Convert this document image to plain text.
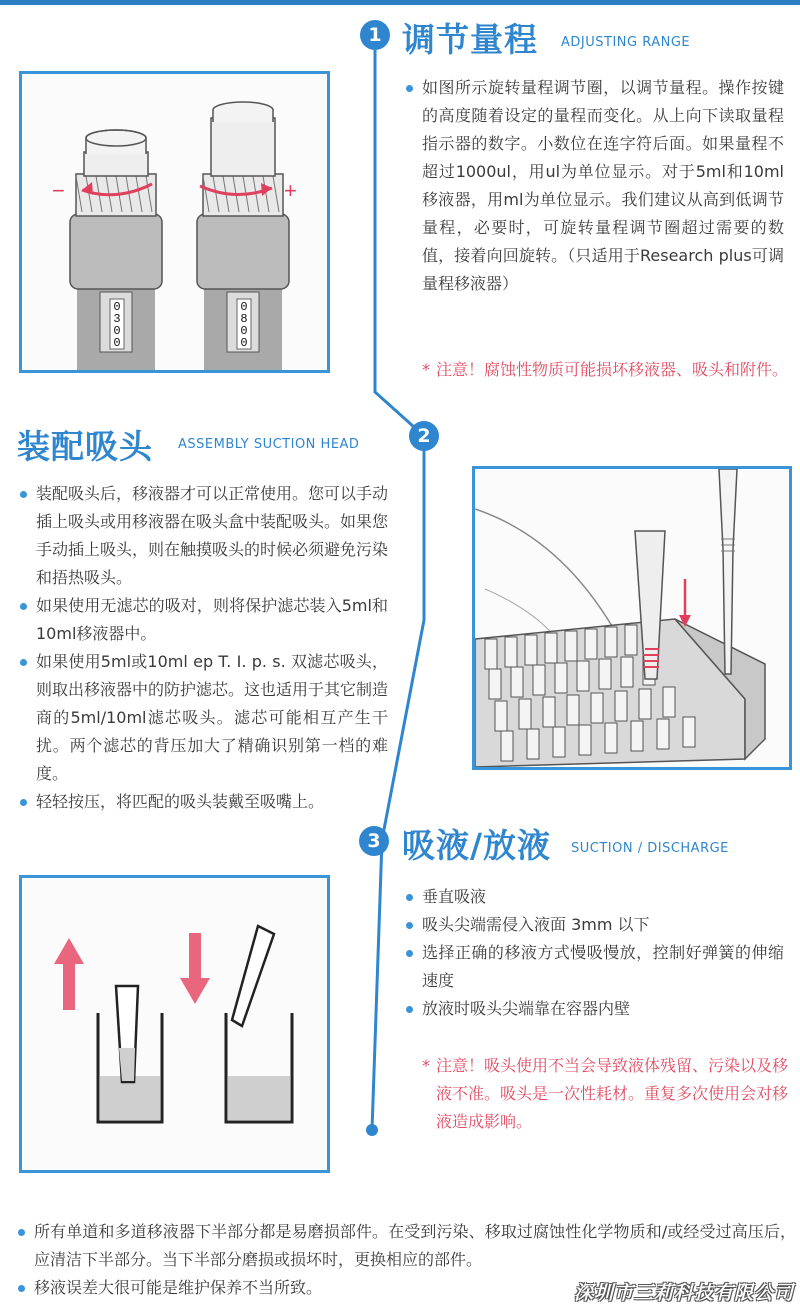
1 调节量程 ADJUSTING RANGE
−
0
3
0
0
+
0
8
0
0
如图所示旋转量程调节圈，以调节量程。操作按键的高度随着设定的量程而变化。从上向下读取量程指示器的数字。小数位在连字符后面。如果量程不超过1000ul，用ul为单位显示。对于5ml和10ml移液器，用ml为单位显示。我们建议从高到低调节量程，必要时，可旋转量程调节圈超过需要的数值，接着向回旋转。（只适用于Research plus可调量程移液器）
* 注意！腐蚀性物质可能损坏移液器、吸头和附件。
装配吸头 ASSEMBLY SUCTION HEAD	2
装配吸头后，移液器才可以正常使用。您可以手动插上吸头或用移液器在吸头盒中装配吸头。如果您手动插上吸头，则在触摸吸头的时候必须避免污染和捂热吸头。
如果使用无滤芯的吸对，则将保护滤芯装入5ml和10ml移液器中。
如果使用5ml或10ml ep T. I. p. s. 双滤芯吸头，则取出移液器中的防护滤芯。这也适用于其它制造商的5ml/10ml滤芯吸头。滤芯可能相互产生干扰。两个滤芯的背压加大了精确识别第一档的难度。
轻轻按压，将匹配的吸头装戴至吸嘴上。
3 吸液/放液 SUCTION / DISCHARGE
垂直吸液
吸头尖端需侵入液面 3mm 以下
选择正确的移液方式慢吸慢放，控制好弹簧的伸缩速度
放液时吸头尖端靠在容器内壁
* 注意！吸头使用不当会导致液体残留、污染以及移液不准。吸头是一次性耗材。重复多次使用会对移液造成影响。
所有单道和多道移液器下半部分都是易磨损部件。在受到污染、移取过腐蚀性化学物质和/或经受过高压后，应清洁下半部分。当下半部分磨损或损坏时，更换相应的部件。
移液误差大很可能是维护保养不当所致。	深圳市三莉科技有限公司
